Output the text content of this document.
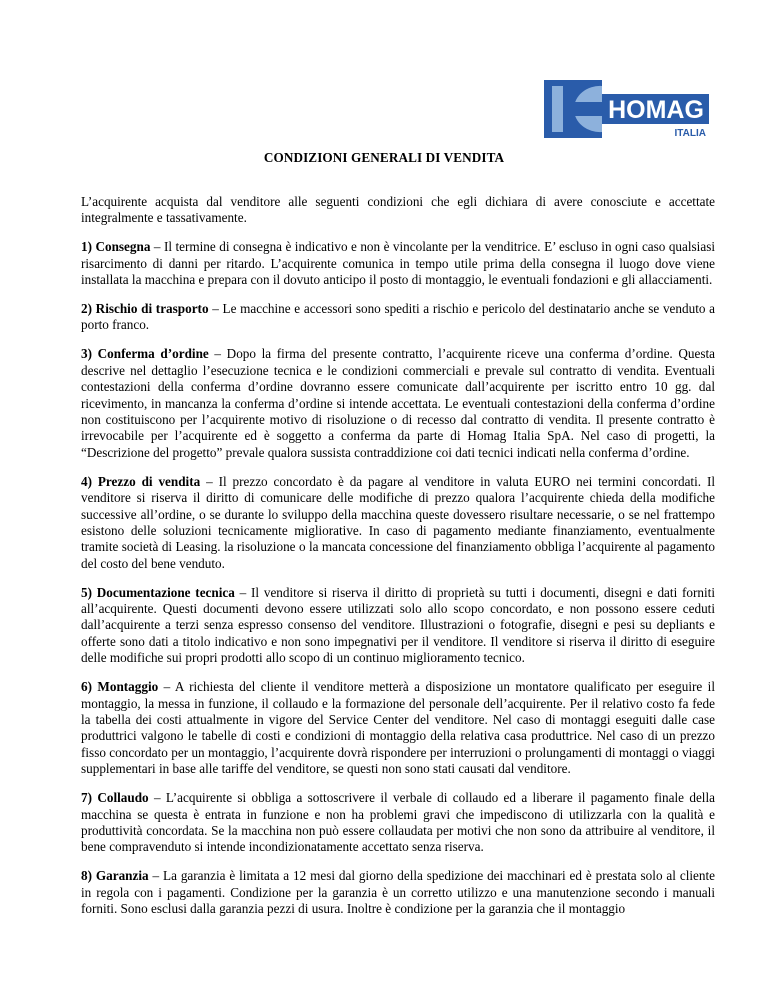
HOMAG
ITALIA
CONDIZIONI GENERALI DI VENDITA

L’acquirente acquista dal venditore alle seguenti condizioni che egli dichiara di avere conosciute e accettate integralmente e tassativamente.

1) Consegna – Il termine di consegna è indicativo e non è vincolante per la venditrice. E’ escluso in ogni caso qualsiasi risarcimento di danni per ritardo. L’acquirente comunica in tempo utile prima della consegna il luogo dove viene installata la macchina e prepara con il dovuto anticipo il posto di montaggio, le eventuali fondazioni e gli allacciamenti.

2) Rischio di trasporto – Le macchine e accessori sono spediti a rischio e pericolo del destinatario anche se venduto a porto franco.

3) Conferma d’ordine – Dopo la firma del presente contratto, l’acquirente riceve una conferma d’ordine. Questa descrive nel dettaglio l’esecuzione tecnica e le condizioni commerciali e prevale sul contratto di vendita. Eventuali contestazioni della conferma d’ordine dovranno essere comunicate dall’acquirente per iscritto entro 10 gg. dal ricevimento, in mancanza la conferma d’ordine si intende accettata. Le eventuali contestazioni della conferma d’ordine non costituiscono per l’acquirente motivo di risoluzione o di recesso dal contratto di vendita. Il presente contratto è irrevocabile per l’acquirente ed è soggetto a conferma da parte di Homag Italia SpA. Nel caso di progetti, la “Descrizione del progetto” prevale qualora sussista contraddizione coi dati tecnici indicati nella conferma d’ordine.

4) Prezzo di vendita – Il prezzo concordato è da pagare al venditore in valuta EURO nei termini concordati. Il venditore si riserva il diritto di comunicare delle modifiche di prezzo qualora l’acquirente chieda della modifiche successive all’ordine, o se durante lo sviluppo della macchina queste dovessero risultare necessarie, o se nel frattempo esistono delle soluzioni tecnicamente migliorative. In caso di pagamento mediante finanziamento, eventualmente tramite società di Leasing. la risoluzione o la mancata concessione del finanziamento obbliga l’acquirente al pagamento del costo del bene venduto.

5) Documentazione tecnica – Il venditore si riserva il diritto di proprietà su tutti i documenti, disegni e dati forniti all’acquirente. Questi documenti devono essere utilizzati solo allo scopo concordato, e non possono essere ceduti dall’acquirente a terzi senza espresso consenso del venditore. Illustrazioni o fotografie, disegni e pesi su depliants e offerte sono dati a titolo indicativo e non sono impegnativi per il venditore. Il venditore si riserva il diritto di eseguire delle modifiche sui propri prodotti allo scopo di un continuo miglioramento tecnico.

6) Montaggio – A richiesta del cliente il venditore metterà a disposizione un montatore qualificato per eseguire il montaggio, la messa in funzione, il collaudo e la formazione del personale dell’acquirente. Per il relativo costo fa fede la tabella dei costi attualmente in vigore del Service Center del venditore. Nel caso di montaggi eseguiti dalle case produttrici valgono le tabelle di costi e condizioni di montaggio della relativa casa produttrice. Nel caso di un prezzo fisso concordato per un montaggio, l’acquirente dovrà rispondere per interruzioni o prolungamenti di montaggi o viaggi supplementari in base alle tariffe del venditore, se questi non sono stati causati dal venditore.

7) Collaudo – L’acquirente si obbliga a sottoscrivere il verbale di collaudo ed a liberare il pagamento finale della macchina se questa è entrata in funzione e non ha problemi gravi che impediscono di utilizzarla con la qualità e produttività concordata. Se la macchina non può essere collaudata per motivi che non sono da attribuire al venditore, il bene compravenduto si intende incondizionatamente accettato senza riserva.

8) Garanzia – La garanzia è limitata a 12 mesi dal giorno della spedizione dei macchinari ed è prestata solo al cliente in regola con i pagamenti. Condizione per la garanzia è un corretto utilizzo e una manutenzione secondo i manuali forniti. Sono esclusi dalla garanzia pezzi di usura. Inoltre è condizione per la garanzia che il montaggio
